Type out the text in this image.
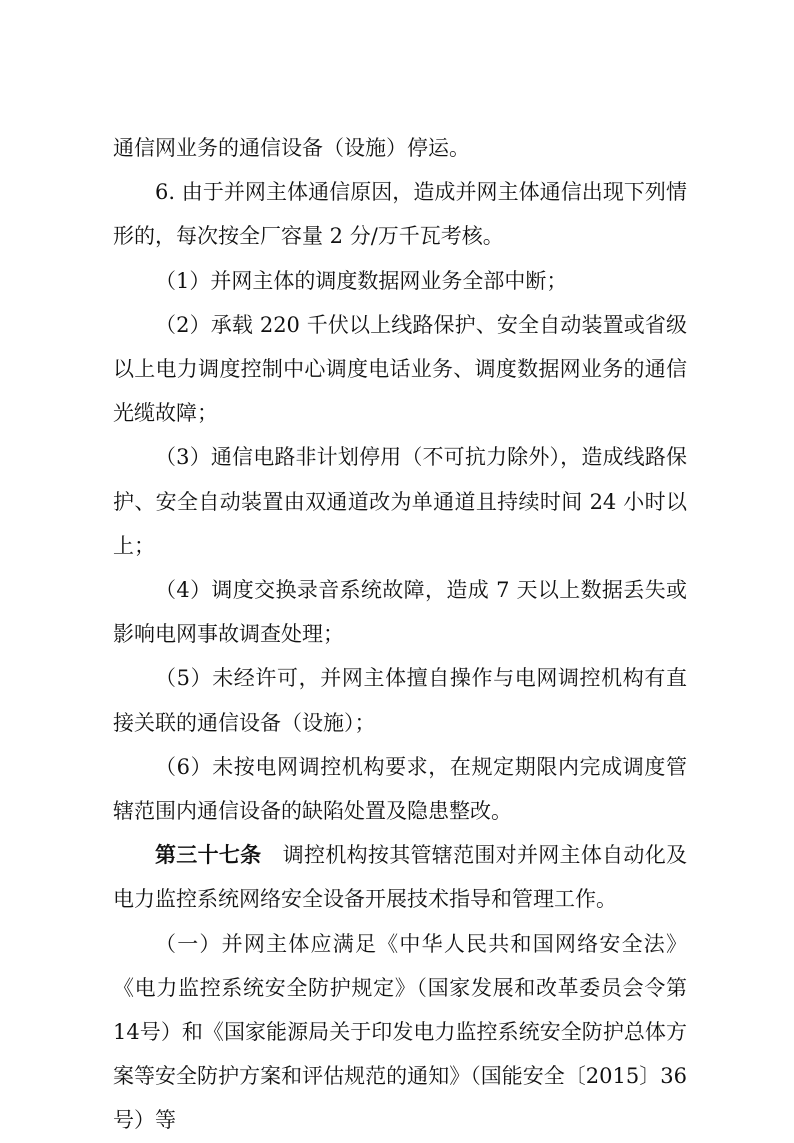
通信网业务的通信设备（设施）停运。

6. 由于并网主体通信原因，造成并网主体通信出现下列情形的，每次按全厂容量 2 分/万千瓦考核。

（1）并网主体的调度数据网业务全部中断；

（2）承载 220 千伏以上线路保护、安全自动装置或省级以上电力调度控制中心调度电话业务、调度数据网业务的通信光缆故障；

（3）通信电路非计划停用（不可抗力除外），造成线路保护、安全自动装置由双通道改为单通道且持续时间 24 小时以上；

（4）调度交换录音系统故障，造成 7 天以上数据丢失或影响电网事故调查处理；

（5）未经许可，并网主体擅自操作与电网调控机构有直接关联的通信设备（设施）；

（6）未按电网调控机构要求，在规定期限内完成调度管辖范围内通信设备的缺陷处置及隐患整改。

第三十七条　 调控机构按其管辖范围对并网主体自动化及电力监控系统网络安全设备开展技术指导和管理工作。

（一）并网主体应满足《中华人民共和国网络安全法》《电力监控系统安全防护规定》（国家发展和改革委员会令第14号）和《国家能源局关于印发电力监控系统安全防护总体方案等安全防护方案和评估规范的通知》（国能安全〔2015〕36号）等
